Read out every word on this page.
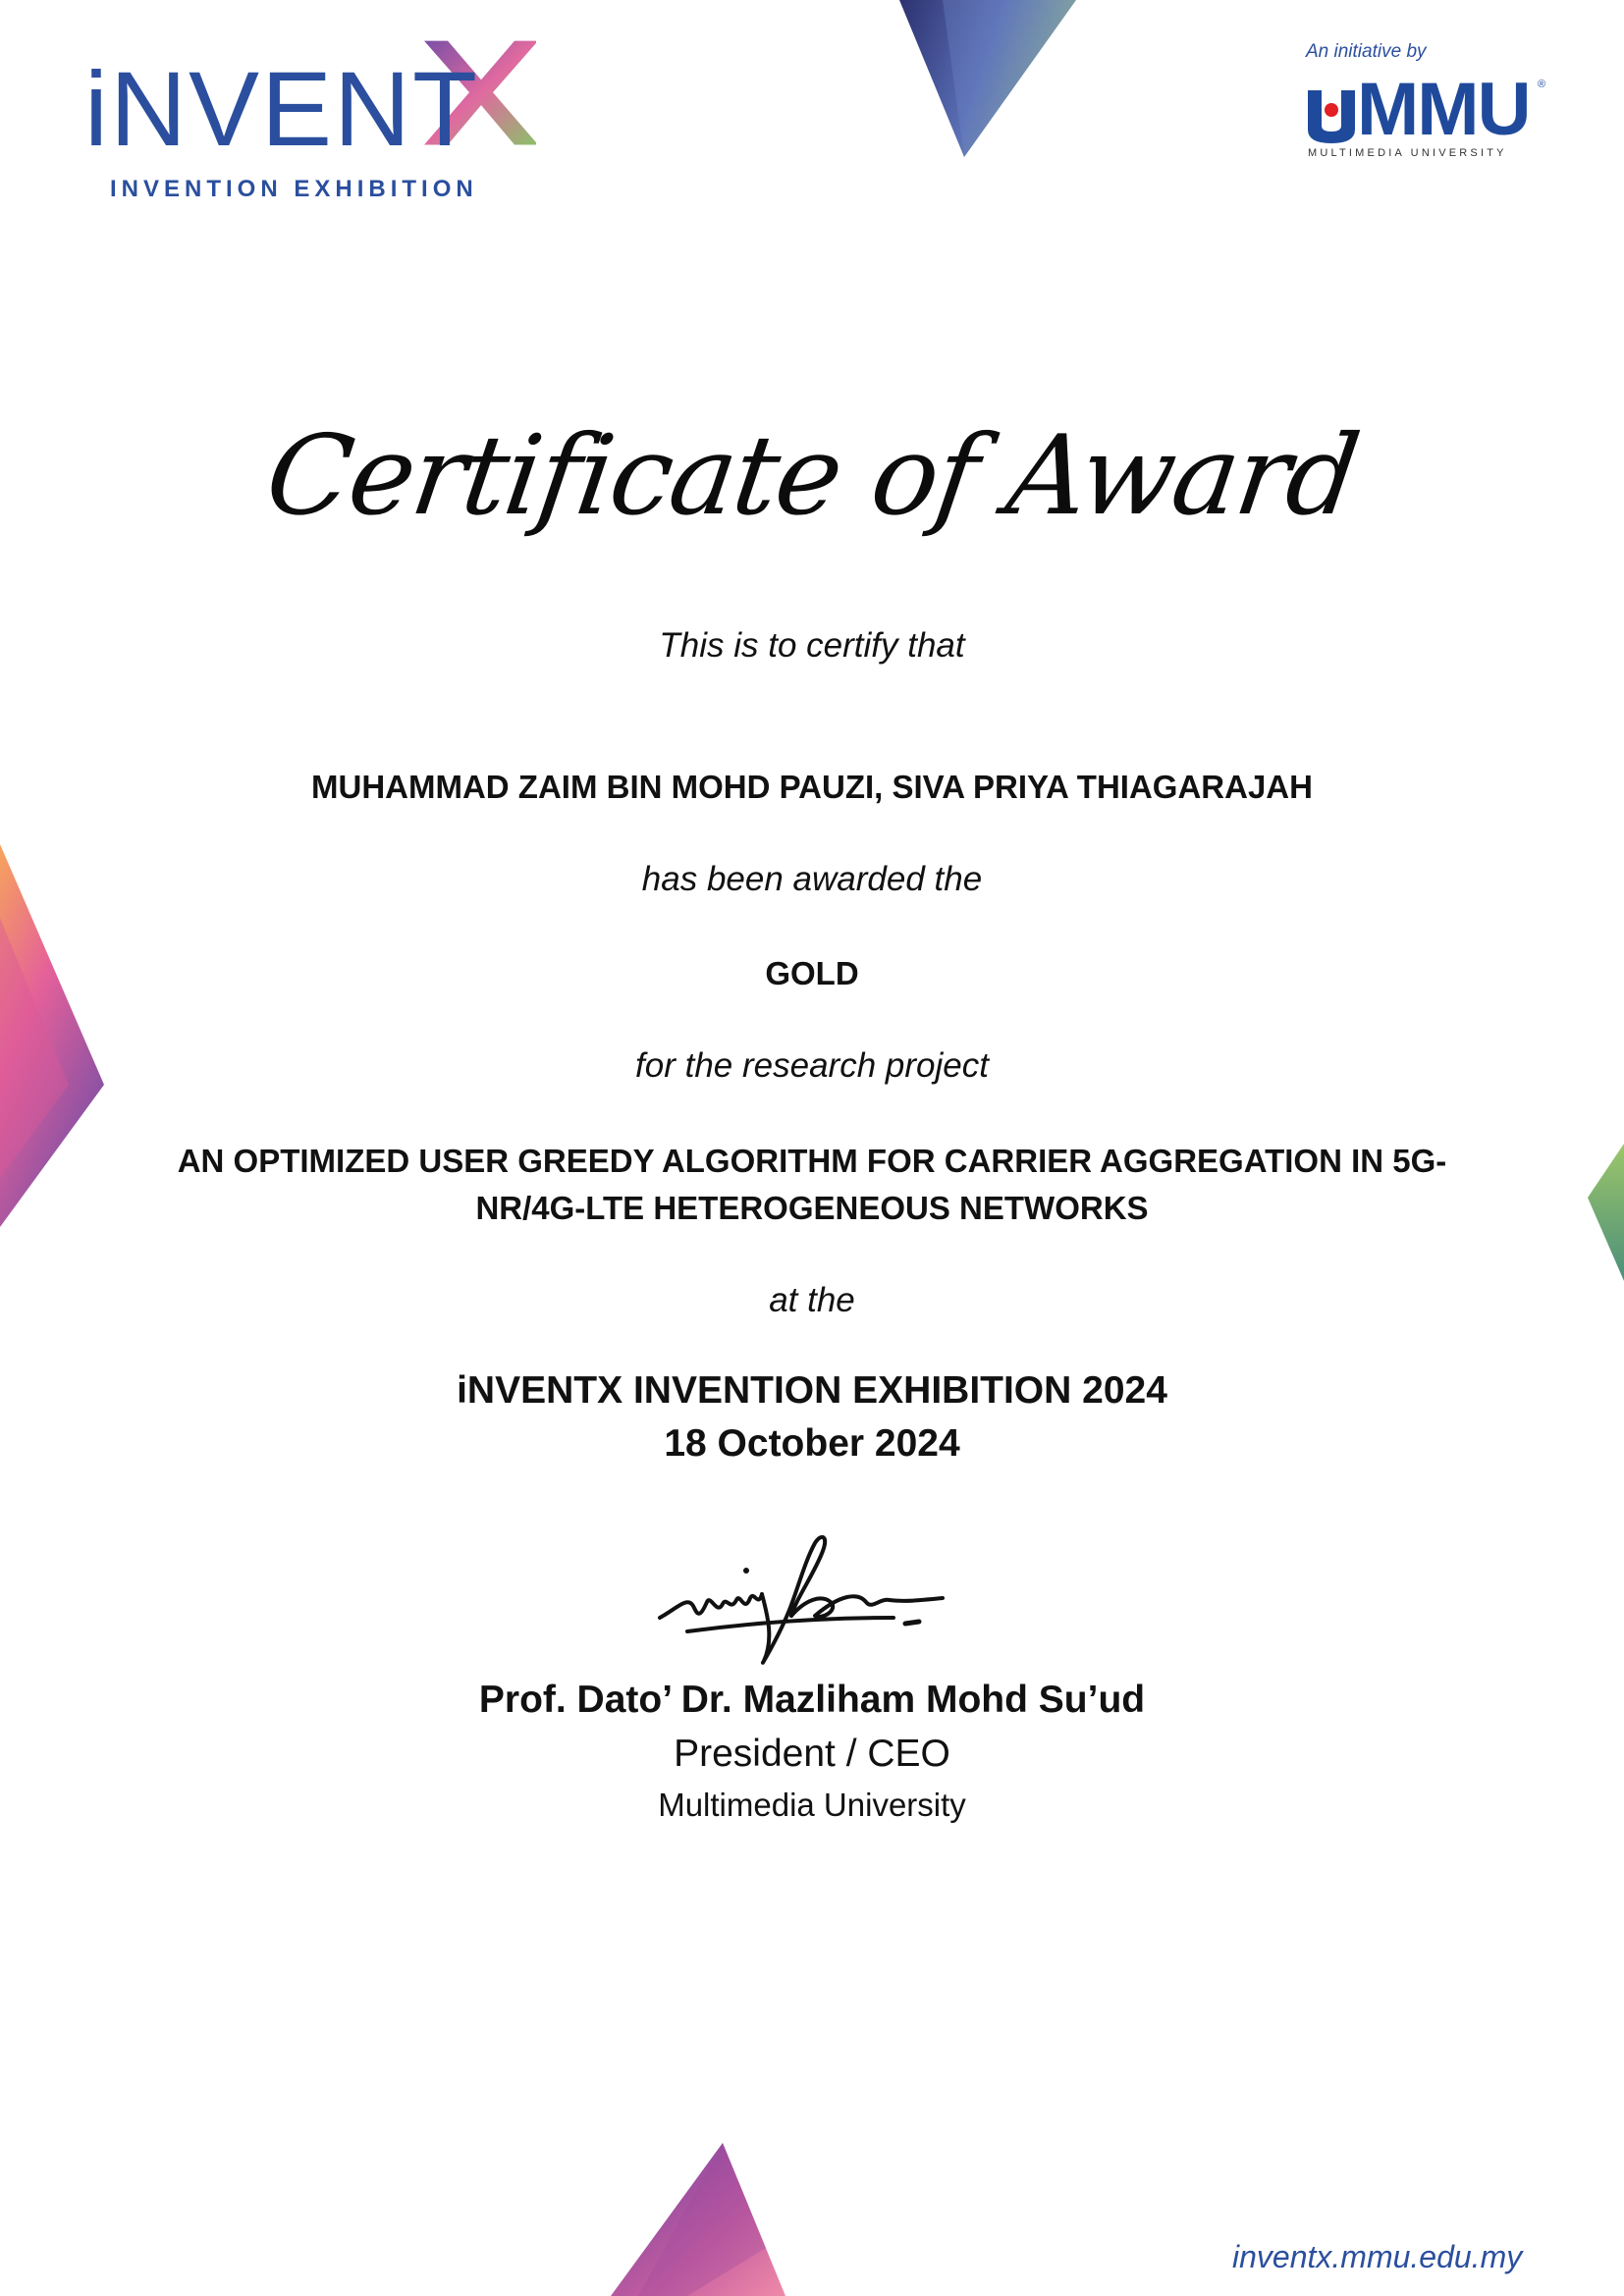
iNVENT
INVENTION EXHIBITION
An initiative by
MMU ®
MULTIMEDIA UNIVERSITY
Certificate of Award
This is to certify that
MUHAMMAD ZAIM BIN MOHD PAUZI, SIVA PRIYA THIAGARAJAH
has been awarded the
GOLD
for the research project
AN OPTIMIZED USER GREEDY ALGORITHM FOR CARRIER AGGREGATION IN 5G-
NR/4G-LTE HETEROGENEOUS NETWORKS
at the
iNVENTX INVENTION EXHIBITION 2024
18 October 2024
Prof. Dato’ Dr. Mazliham Mohd Su’ud
President / CEO
Multimedia University
inventx.mmu.edu.my
